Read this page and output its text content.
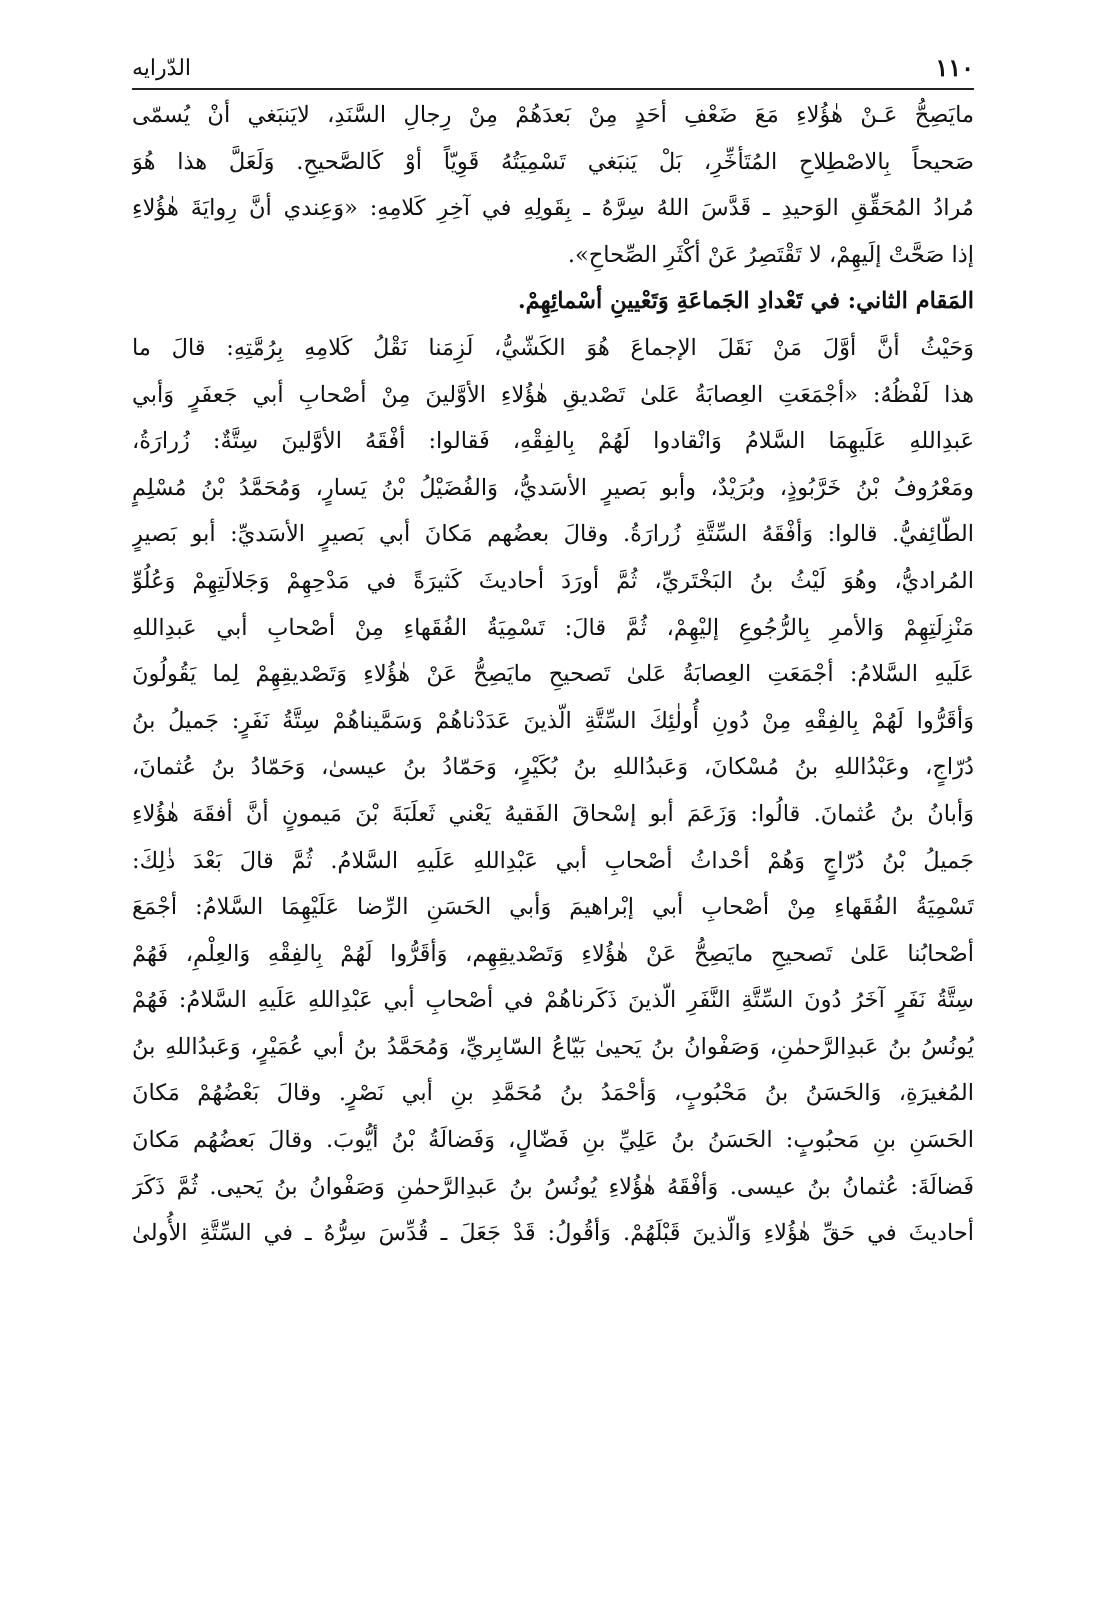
١١٠
الدّرايه
مايَصِحُّ عَـنْ هٰؤُلاءِ مَعَ ضَعْفِ أحَدٍ مِنْ بَعدَهُمْ مِنْ رِجالِ السَّنَدِ، لايَنبَغي أنْ يُسمّى
صَحيحاً بِالاصْطِلاحِ المُتَأخِّرِ، بَلْ يَنبَغي تَسْمِيَتُهُ قَوِيّاً أوْ كَالصَّحيحِ. وَلَعَلَّ هذا هُوَ
مُرادُ المُحَقِّقِ الوَحيدِ ـ قَدَّسَ اللهُ سِرَّهُ ـ بِقَولِهِ في آخِرِ كَلامِهِ: «وَعِندي أنَّ رِوايَةَ هٰؤُلاءِ
إذا صَحَّتْ إلَيهِمْ، لا تَقْتَصِرُ عَنْ أكْثَرِ الصِّحاحِ».
المَقام الثاني: في تَعْدادِ الجَماعَةِ وَتَعْيينِ أسْمائِهِمْ.
وَحَيْثُ أنَّ أوَّلَ مَنْ نَقَلَ الإجماعَ هُوَ الكَشّيُّ، لَزِمَنا نَقْلُ كَلامِهِ بِرُمَّتِهِ: قالَ ما
هذا لَفْظُهُ: «أجْمَعَتِ العِصابَةُ عَلىٰ تَصْديقِ هٰؤُلاءِ الأوَّلينَ مِنْ أصْحابِ أبي جَعفَرٍ وَأبي
عَبدِاللهِ عَلَيهِمَا السَّلامُ وَانْقادوا لَهُمْ بِالفِقْهِ، فَقالوا: أفْقَهُ الأوَّلينَ سِتَّةٌ: زُرارَةُ،
ومَعْرُوفُ بْنُ خَرَّبُوذٍ، وبُرَيْدٌ، وأبو بَصيرٍ الأسَديُّ، وَالفُضَيْلُ بْنُ يَسارٍ، وَمُحَمَّدُ بْنُ مُسْلِمٍ
الطّائِفيُّ. قالوا: وَأفْقَهُ السِّتَّةِ زُرارَةُ. وقالَ بعضُهم مَكانَ أبي بَصيرٍ الأسَديِّ: أبو بَصيرٍ
المُراديُّ، وهُوَ لَيْثُ بنُ البَخْتَريِّ، ثُمَّ أورَدَ أحاديثَ كَثيرَةً في مَدْحِهِمْ وَجَلالَتِهِمْ وَعُلُوِّ
مَنْزِلَتِهِمْ وَالأمرِ بِالرُّجُوعِ إليْهِمْ، ثُمَّ قالَ: تَسْمِيَةُ الفُقَهاءِ مِنْ أصْحابِ أبي عَبدِاللهِ
عَلَيهِ السَّلامُ: أجْمَعَتِ العِصابَةُ عَلىٰ تَصحيحِ مايَصِحُّ عَنْ هٰؤُلاءِ وَتَصْديقِهِمْ لِما يَقُولُونَ
وَأقَرُّوا لَهُمْ بِالفِقْهِ مِنْ دُونِ أُولٰئِكَ السِّتَّةِ الّذينَ عَدَدْناهُمْ وَسَمَّيناهُمْ سِتَّةُ نَفَرٍ: جَميلُ بنُ
دُرّاجٍ، وعَبْدُاللهِ بنُ مُسْكانَ، وَعَبدُاللهِ بنُ بُكَيْرٍ، وَحَمّادُ بنُ عيسىٰ، وَحَمّادُ بنُ عُثمانَ،
وَأبانُ بنُ عُثمانَ. قالُوا: وَزَعَمَ أبو إسْحاقَ الفَقيهُ يَعْني ثَعلَبَةَ بْنَ مَيمونٍ أنَّ أفقَهَ هٰؤُلاءِ
جَميلُ بْنُ دُرّاجٍ وَهُمْ أحْداثُ أصْحابِ أبي عَبْدِاللهِ عَلَيهِ السَّلامُ. ثُمَّ قالَ بَعْدَ ذٰلِكَ:
تَسْمِيَةُ الفُقَهاءِ مِنْ أصْحابِ أبي إبْراهيمَ وَأبي الحَسَنِ الرِّضا عَلَيْهِمَا السَّلامُ: أجْمَعَ
أصْحابُنا عَلىٰ تَصحيحِ مايَصِحُّ عَنْ هٰؤُلاءِ وَتَصْديقِهِم، وَأقَرُّوا لَهُمْ بِالفِقْهِ وَالعِلْمِ، فَهُمْ
سِتَّةُ نَفَرٍ آخَرُ دُونَ السِّتَّةِ النَّفَرِ الّذينَ ذَكَرناهُمْ في أصْحابِ أبي عَبْدِاللهِ عَلَيهِ السَّلامُ: فَهُمْ
يُونُسُ بنُ عَبدِالرَّحمٰنِ، وَصَفْوانُ بنُ يَحيىٰ بَيّاعُ السّابِريِّ، وَمُحَمَّدُ بنُ أبي عُمَيْرٍ، وَعَبدُاللهِ بنُ
المُغيرَةِ، وَالحَسَنُ بنُ مَحْبُوبٍ، وَأحْمَدُ بنُ مُحَمَّدِ بنِ أبي نَصْرٍ. وقالَ بَعْضُهُمْ مَكانَ
الحَسَنِ بنِ مَحبُوبٍ: الحَسَنُ بنُ عَلِيِّ بنِ فَضّالٍ، وَفَضالَةُ بْنُ أيُّوبَ. وقالَ بَعضُهُم مَكانَ
فَضالَةَ: عُثمانُ بنُ عيسى. وَأفْقَهُ هٰؤُلاءِ يُونُسُ بنُ عَبدِالرَّحمٰنِ وَصَفْوانُ بنُ يَحيى. ثُمَّ ذَكَرَ
أحاديثَ في حَقِّ هٰؤُلاءِ وَالّذينَ قَبْلَهُمْ. وَأقُولُ: قَدْ جَعَلَ ـ قُدِّسَ سِرُّهُ ـ في السِّتَّةِ الأُولىٰ
